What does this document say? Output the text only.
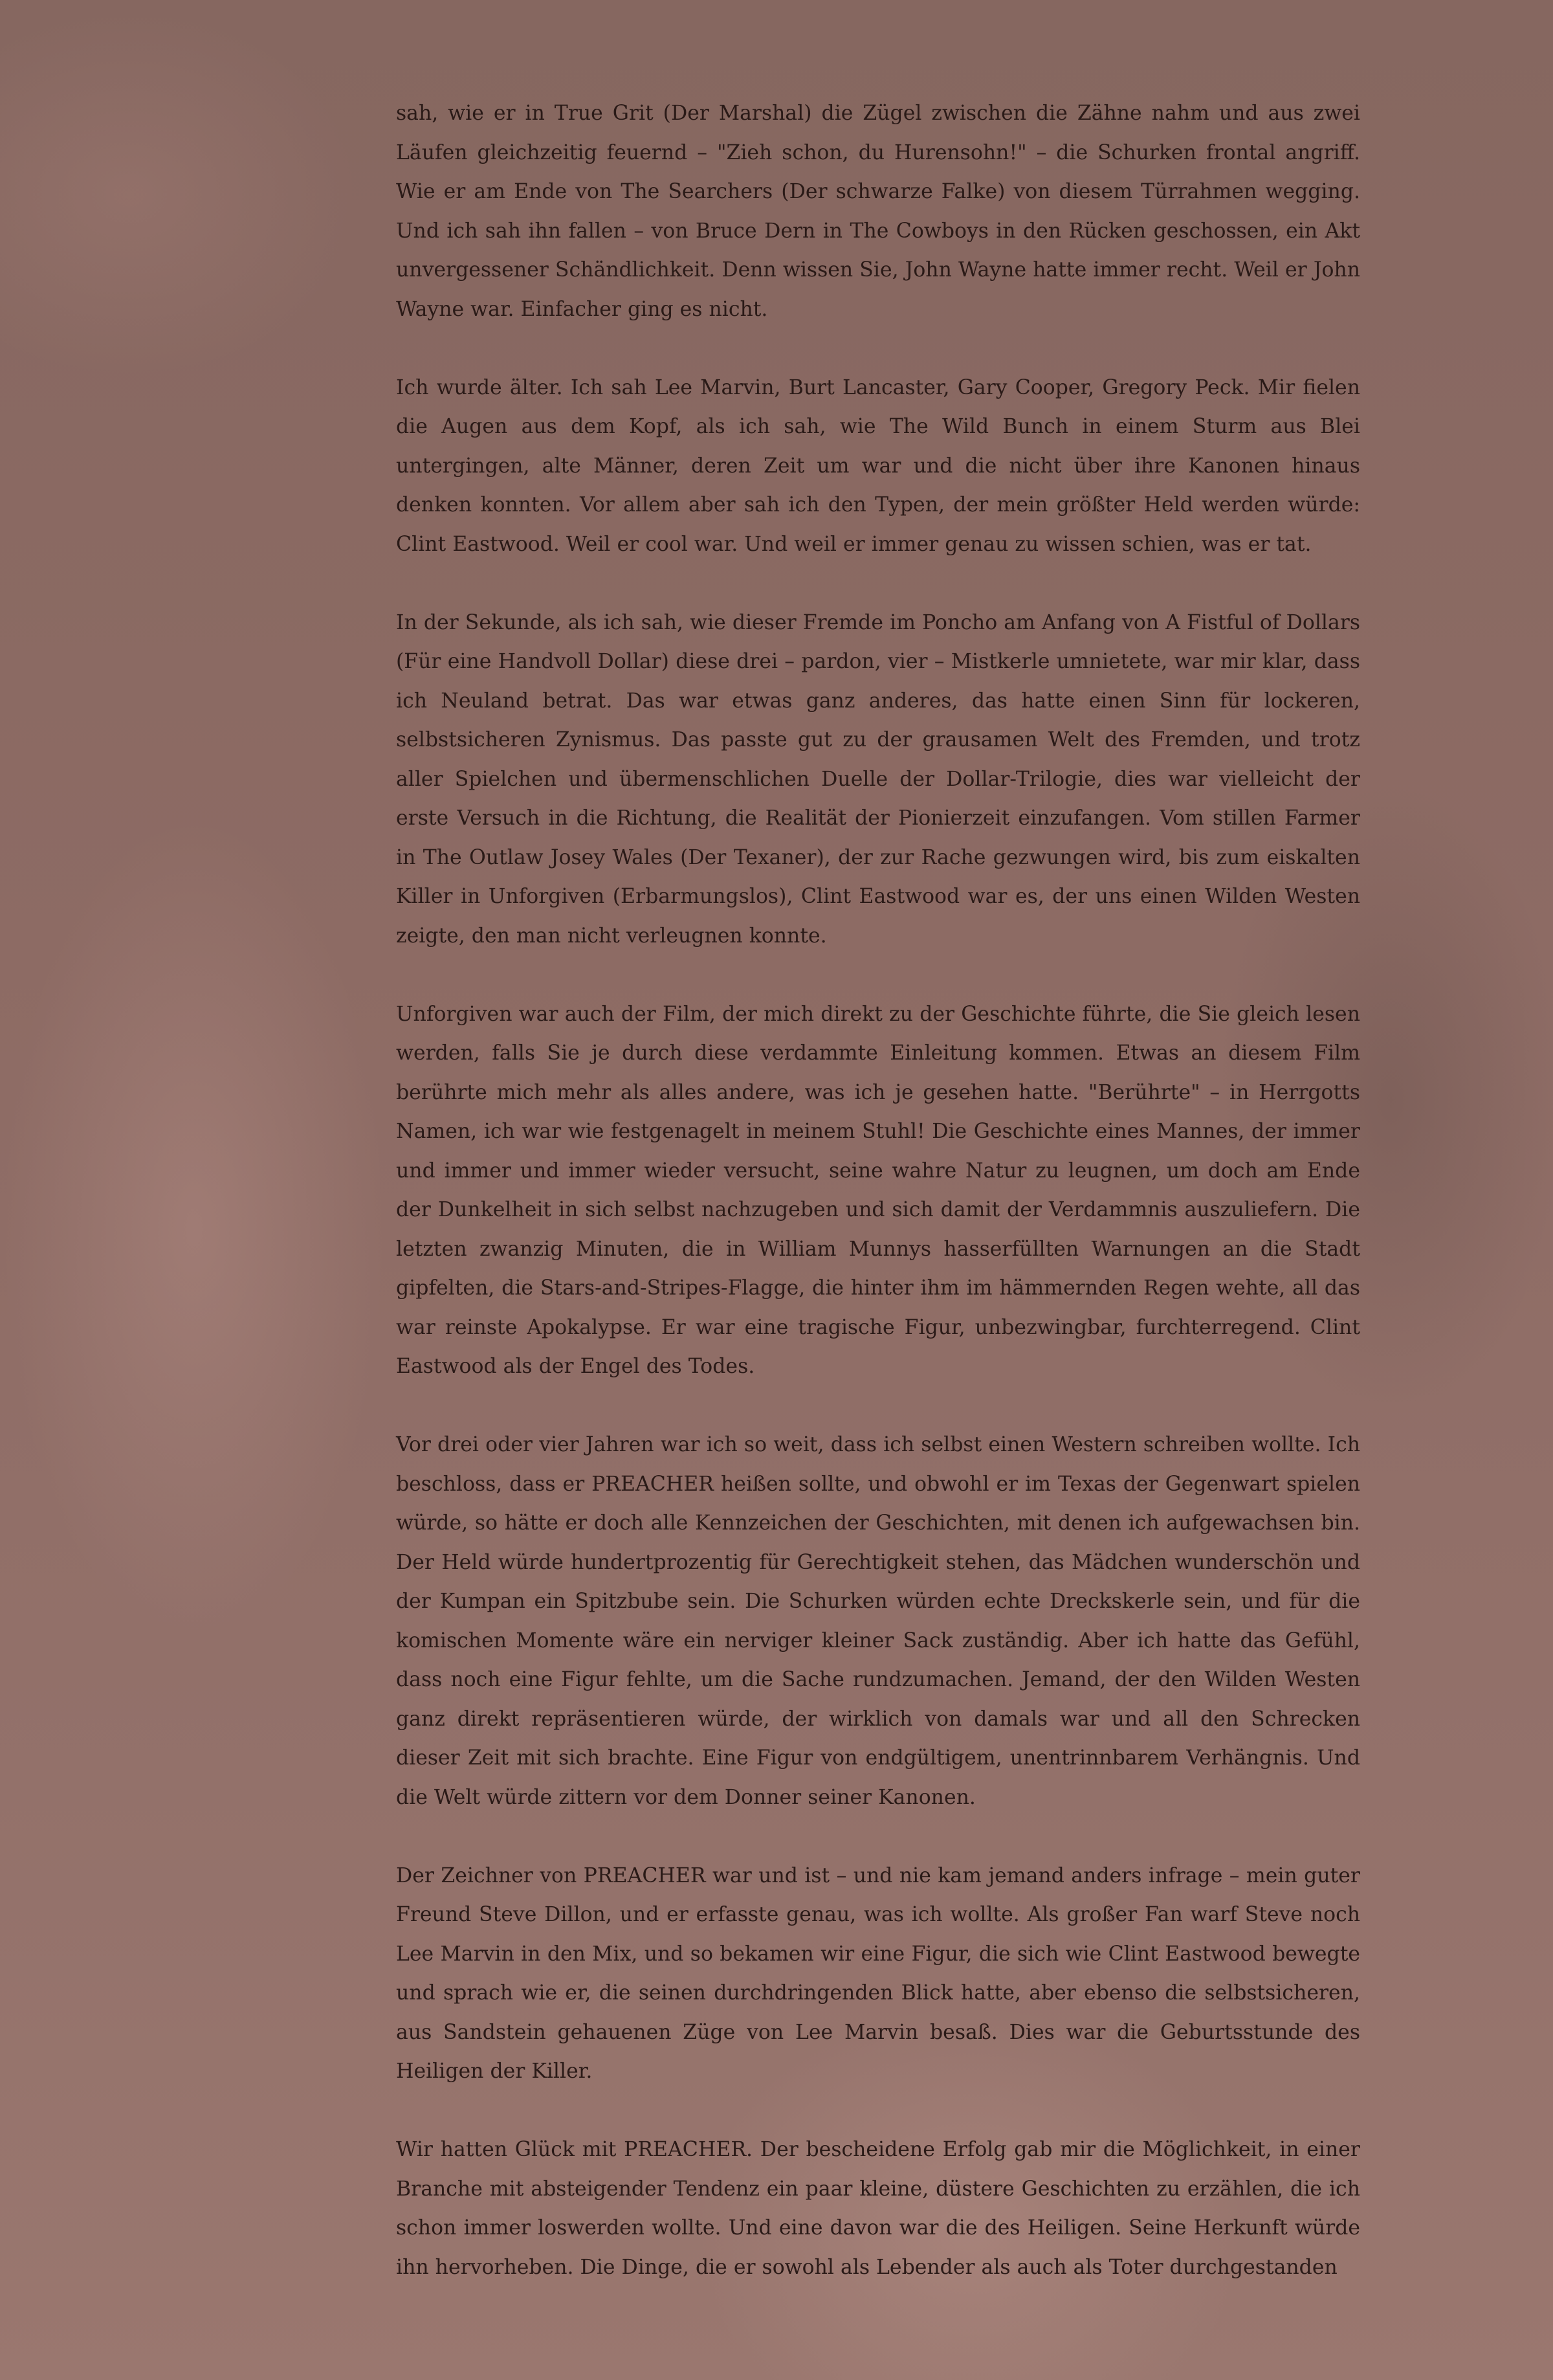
sah, wie er in True Grit (Der Marshal) die Zügel zwischen die Zähne nahm und aus zwei Läufen gleichzeitig feuernd – "Zieh schon, du Hurensohn!" – die Schurken frontal angriff. Wie er am Ende von The Searchers (Der schwarze Falke) von diesem Türrahmen wegging. Und ich sah ihn fallen – von Bruce Dern in The Cowboys in den Rücken geschossen, ein Akt unvergessener Schändlichkeit. Denn wissen Sie, John Wayne hatte immer recht. Weil er John Wayne war. Einfacher ging es nicht.

Ich wurde älter. Ich sah Lee Marvin, Burt Lancaster, Gary Cooper, Gregory Peck. Mir fielen die Augen aus dem Kopf, als ich sah, wie The Wild Bunch in einem Sturm aus Blei untergingen, alte Männer, deren Zeit um war und die nicht über ihre Kanonen hinaus denken konnten. Vor allem aber sah ich den Typen, der mein größter Held werden würde: Clint Eastwood. Weil er cool war. Und weil er immer genau zu wissen schien, was er tat.

In der Sekunde, als ich sah, wie dieser Fremde im Poncho am Anfang von A Fistful of Dollars (Für eine Handvoll Dollar) diese drei – pardon, vier – Mistkerle umnietete, war mir klar, dass ich Neuland betrat. Das war etwas ganz anderes, das hatte einen Sinn für lockeren, selbstsicheren Zynismus. Das passte gut zu der grausamen Welt des Fremden, und trotz aller Spielchen und übermenschlichen Duelle der Dollar-Trilogie, dies war vielleicht der erste Versuch in die Richtung, die Realität der Pionierzeit einzufangen. Vom stillen Farmer in The Outlaw Josey Wales (Der Texaner), der zur Rache gezwungen wird, bis zum eiskalten Killer in Unforgiven (Erbarmungslos), Clint Eastwood war es, der uns einen Wilden Westen zeigte, den man nicht verleugnen konnte.

Unforgiven war auch der Film, der mich direkt zu der Geschichte führte, die Sie gleich lesen werden, falls Sie je durch diese verdammte Einleitung kommen. Etwas an diesem Film berührte mich mehr als alles andere, was ich je gesehen hatte. "Berührte" – in Herrgotts Namen, ich war wie festgenagelt in meinem Stuhl! Die Geschichte eines Mannes, der immer und immer und immer wieder versucht, seine wahre Natur zu leugnen, um doch am Ende der Dunkelheit in sich selbst nachzugeben und sich damit der Verdammnis auszuliefern. Die letzten zwanzig Minuten, die in William Munnys hasserfüllten Warnungen an die Stadt gipfelten, die Stars-and-Stripes-Flagge, die hinter ihm im hämmernden Regen wehte, all das war reinste Apokalypse. Er war eine tragische Figur, unbezwingbar, furchterregend. Clint Eastwood als der Engel des Todes.

Vor drei oder vier Jahren war ich so weit, dass ich selbst einen Western schreiben wollte. Ich beschloss, dass er PREACHER heißen sollte, und obwohl er im Texas der Gegenwart spielen würde, so hätte er doch alle Kennzeichen der Geschichten, mit denen ich aufgewachsen bin. Der Held würde hundertprozentig für Gerechtigkeit stehen, das Mädchen wunderschön und der Kumpan ein Spitzbube sein. Die Schurken würden echte Dreckskerle sein, und für die komischen Momente wäre ein nerviger kleiner Sack zuständig. Aber ich hatte das Gefühl, dass noch eine Figur fehlte, um die Sache rundzumachen. Jemand, der den Wilden Westen ganz direkt repräsentieren würde, der wirklich von damals war und all den Schrecken dieser Zeit mit sich brachte. Eine Figur von endgültigem, unentrinnbarem Verhängnis. Und die Welt würde zittern vor dem Donner seiner Kanonen.

Der Zeichner von PREACHER war und ist – und nie kam jemand anders infrage – mein guter Freund Steve Dillon, und er erfasste genau, was ich wollte. Als großer Fan warf Steve noch Lee Marvin in den Mix, und so bekamen wir eine Figur, die sich wie Clint Eastwood bewegte und sprach wie er, die seinen durchdringenden Blick hatte, aber ebenso die selbstsicheren, aus Sandstein gehauenen Züge von Lee Marvin besaß. Dies war die Geburtsstunde des Heiligen der Killer.

Wir hatten Glück mit PREACHER. Der bescheidene Erfolg gab mir die Möglichkeit, in einer Branche mit absteigender Tendenz ein paar kleine, düstere Geschichten zu erzählen, die ich schon immer loswerden wollte. Und eine davon war die des Heiligen. Seine Herkunft würde ihn hervorheben. Die Dinge, die er sowohl als Lebender als auch als Toter durchgestanden
